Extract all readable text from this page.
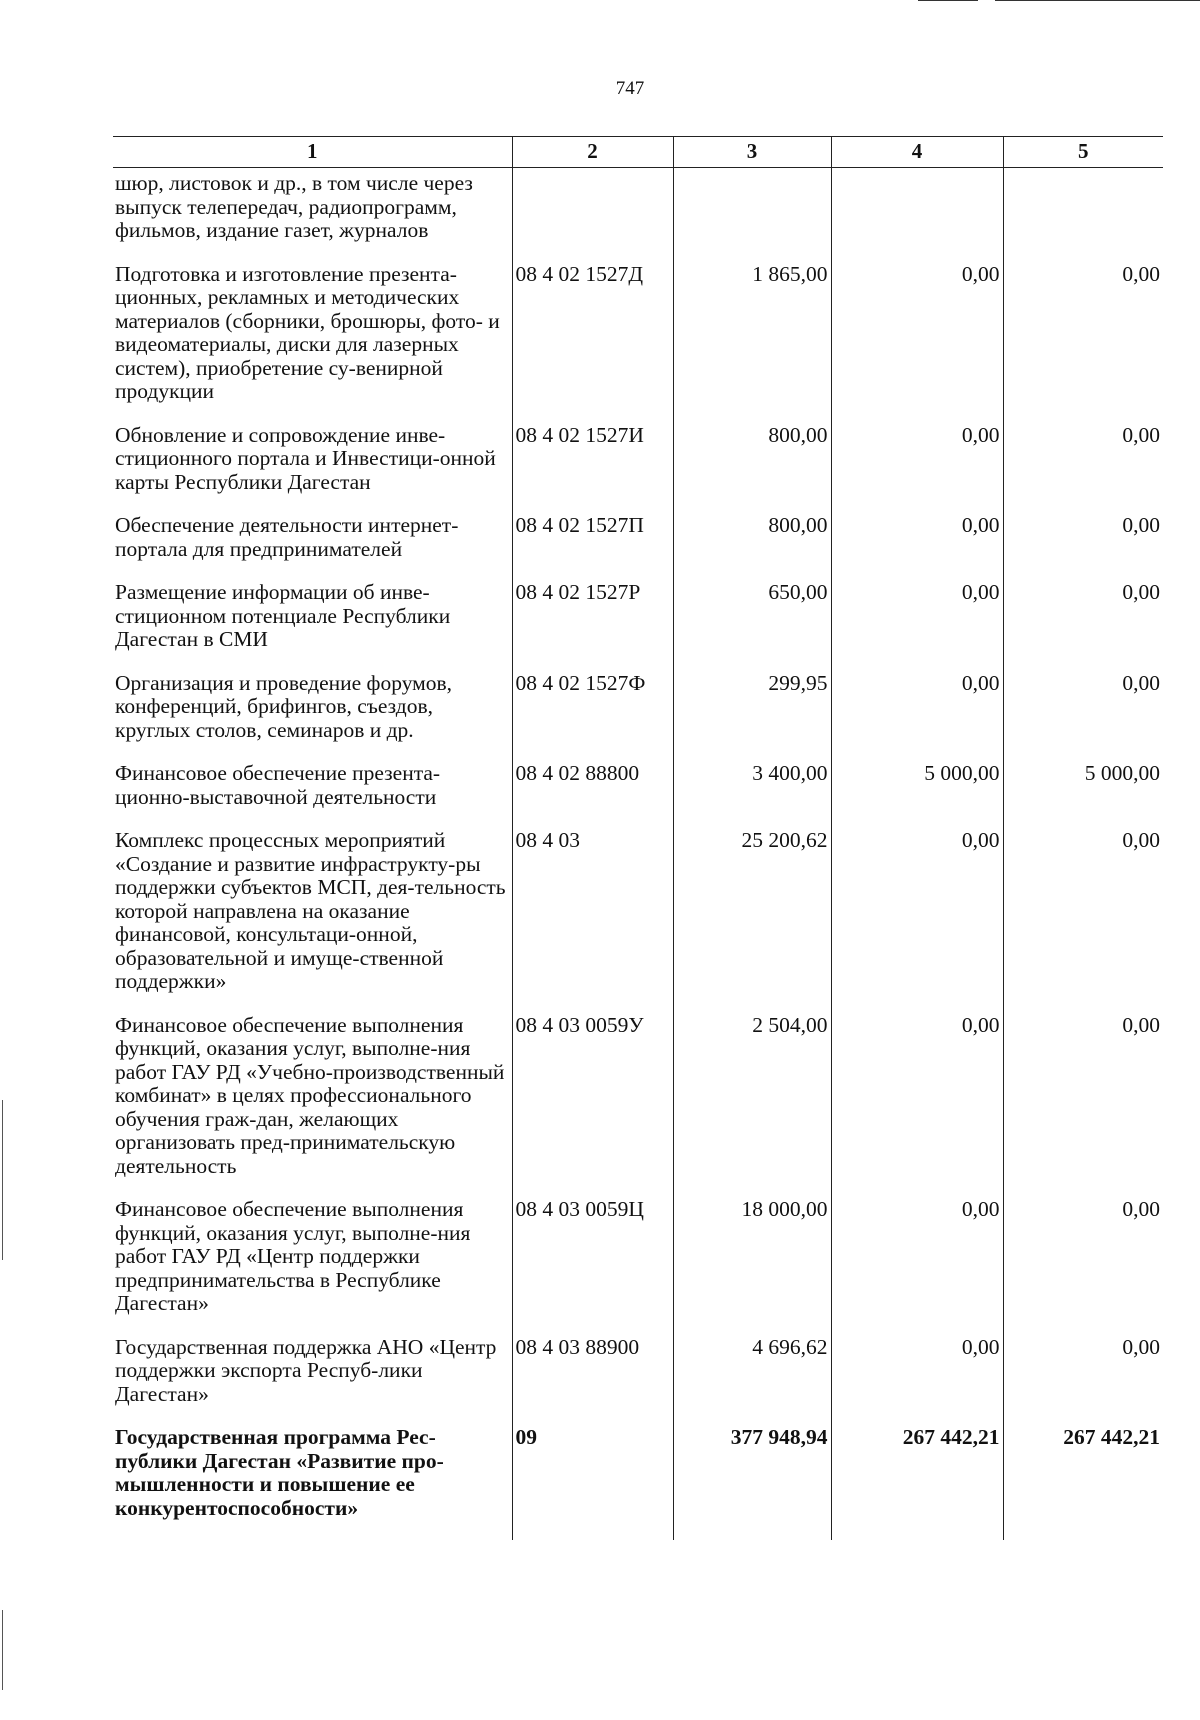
747
1	2	3	4	5
шюр, листовок и др., в том числе через выпуск телепередач, радиопрограмм, фильмов, издание газет, журналов				
Подготовка и изготовление презента-ционных, рекламных и методических материалов (сборники, брошюры, фото- и видеоматериалы, диски для лазерных систем), приобретение су-венирной продукции	08 4 02 1527Д	1 865,00	0,00	0,00
Обновление и сопровождение инве-стиционного портала и Инвестици-онной карты Республики Дагестан	08 4 02 1527И	800,00	0,00	0,00
Обеспечение деятельности интернет-портала для предпринимателей	08 4 02 1527П	800,00	0,00	0,00
Размещение информации об инве-стиционном потенциале Республики Дагестан в СМИ	08 4 02 1527Р	650,00	0,00	0,00
Организация и проведение форумов, конференций, брифингов, съездов, круглых столов, семинаров и др.	08 4 02 1527Ф	299,95	0,00	0,00
Финансовое обеспечение презента-ционно-выставочной деятельности	08 4 02 88800	3 400,00	5 000,00	5 000,00
Комплекс процессных мероприятий «Создание и развитие инфраструкту-ры поддержки субъектов МСП, дея-тельность которой направлена на оказание финансовой, консультаци-онной, образовательной и имуще-ственной поддержки»	08 4 03	25 200,62	0,00	0,00
Финансовое обеспечение выполнения функций, оказания услуг, выполне-ния работ ГАУ РД «Учебно-производственный комбинат» в целях профессионального обучения граж-дан, желающих организовать пред-принимательскую деятельность	08 4 03 0059У	2 504,00	0,00	0,00
Финансовое обеспечение выполнения функций, оказания услуг, выполне-ния работ ГАУ РД «Центр поддержки предпринимательства в Республике Дагестан»	08 4 03 0059Ц	18 000,00	0,00	0,00
Государственная поддержка АНО «Центр поддержки экспорта Респуб-лики Дагестан»	08 4 03 88900	4 696,62	0,00	0,00
Государственная программа Рес-публики Дагестан «Развитие про-мышленности и повышение ее конкурентоспособности»	09	377 948,94	267 442,21	267 442,21
